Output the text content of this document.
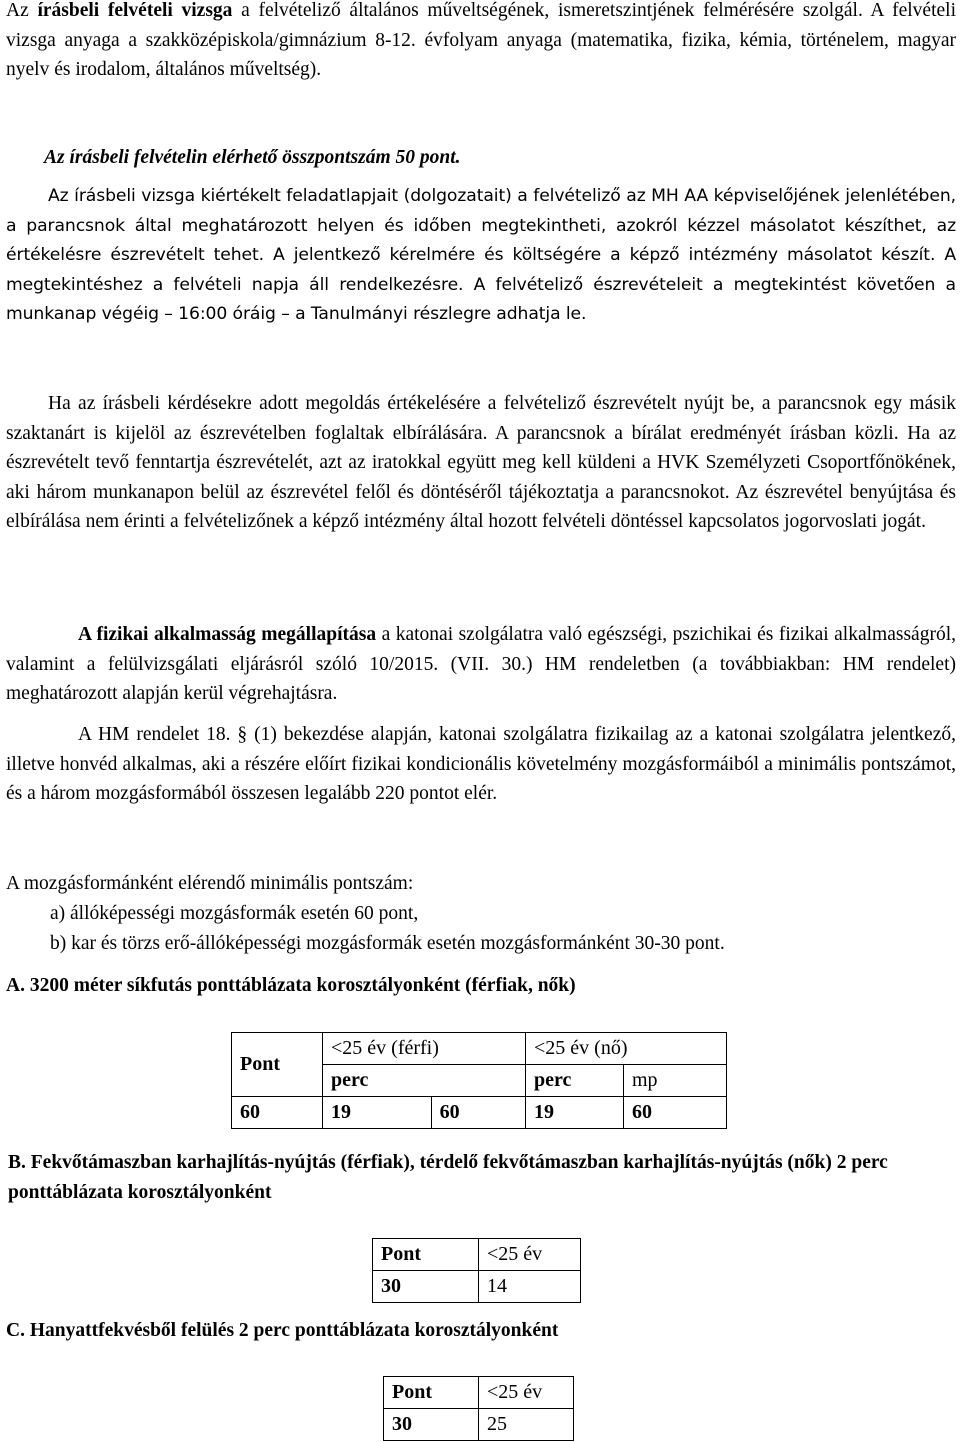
Az írásbeli felvételi vizsga a felvételiző általános műveltségének, ismeretszintjének felmérésére szolgál. A felvételi vizsga anyaga a szakközépiskola/gimnázium 8-12. évfolyam anyaga (matematika, fizika, kémia, történelem, magyar nyelv és irodalom, általános műveltség).

Az írásbeli felvételin elérhető összpontszám 50 pont.

Az írásbeli vizsga kiértékelt feladatlapjait (dolgozatait) a felvételiző az MH AA képviselőjének jelenlétében, a parancsnok által meghatározott helyen és időben megtekintheti, azokról kézzel másolatot készíthet, az értékelésre észrevételt tehet. A jelentkező kérelmére és költségére a képző intézmény másolatot készít. A megtekintéshez a felvételi napja áll rendelkezésre. A felvételiző észrevételeit a megtekintést követően a munkanap végéig – 16:00 óráig – a Tanulmányi részlegre adhatja le.

Ha az írásbeli kérdésekre adott megoldás értékelésére a felvételiző észrevételt nyújt be, a parancsnok egy másik szaktanárt is kijelöl az észrevételben foglaltak elbírálására. A parancsnok a bírálat eredményét írásban közli. Ha az észrevételt tevő fenntartja észrevételét, azt az iratokkal együtt meg kell küldeni a HVK Személyzeti Csoportfőnökének, aki három munkanapon belül az észrevétel felől és döntéséről tájékoztatja a parancsnokot. Az észrevétel benyújtása és elbírálása nem érinti a felvételizőnek a képző intézmény által hozott felvételi döntéssel kapcsolatos jogorvoslati jogát.

A fizikai alkalmasság megállapítása a katonai szolgálatra való egészségi, pszichikai és fizikai alkalmasságról, valamint a felülvizsgálati eljárásról szóló 10/2015. (VII. 30.) HM rendeletben (a továbbiakban: HM rendelet) meghatározott alapján kerül végrehajtásra.

A HM rendelet 18. § (1) bekezdése alapján, katonai szolgálatra fizikailag az a katonai szolgálatra jelentkező, illetve honvéd alkalmas, aki a részére előírt fizikai kondicionális követelmény mozgásformáiból a minimális pontszámot, és a három mozgásformából összesen legalább 220 pontot elér.

A mozgásformánként elérendő minimális pontszám:

a) állóképességi mozgásformák esetén 60 pont,

b) kar és törzs erő-állóképességi mozgásformák esetén mozgásformánként 30-30 pont.

A. 3200 méter síkfutás ponttáblázata korosztályonként (férfiak, nők)

Pont	<25 év (férfi)		<25 év (nő)	
	perc		perc	mp
60	19	60	19	60

B. Fekvőtámaszban karhajlítás-nyújtás (férfiak), térdelő fekvőtámaszban karhajlítás-nyújtás (nők) 2 perc ponttáblázata korosztályonként

Pont	<25 év
30	14

C. Hanyattfekvésből felülés 2 perc ponttáblázata korosztályonként

Pont	<25 év
30	25
